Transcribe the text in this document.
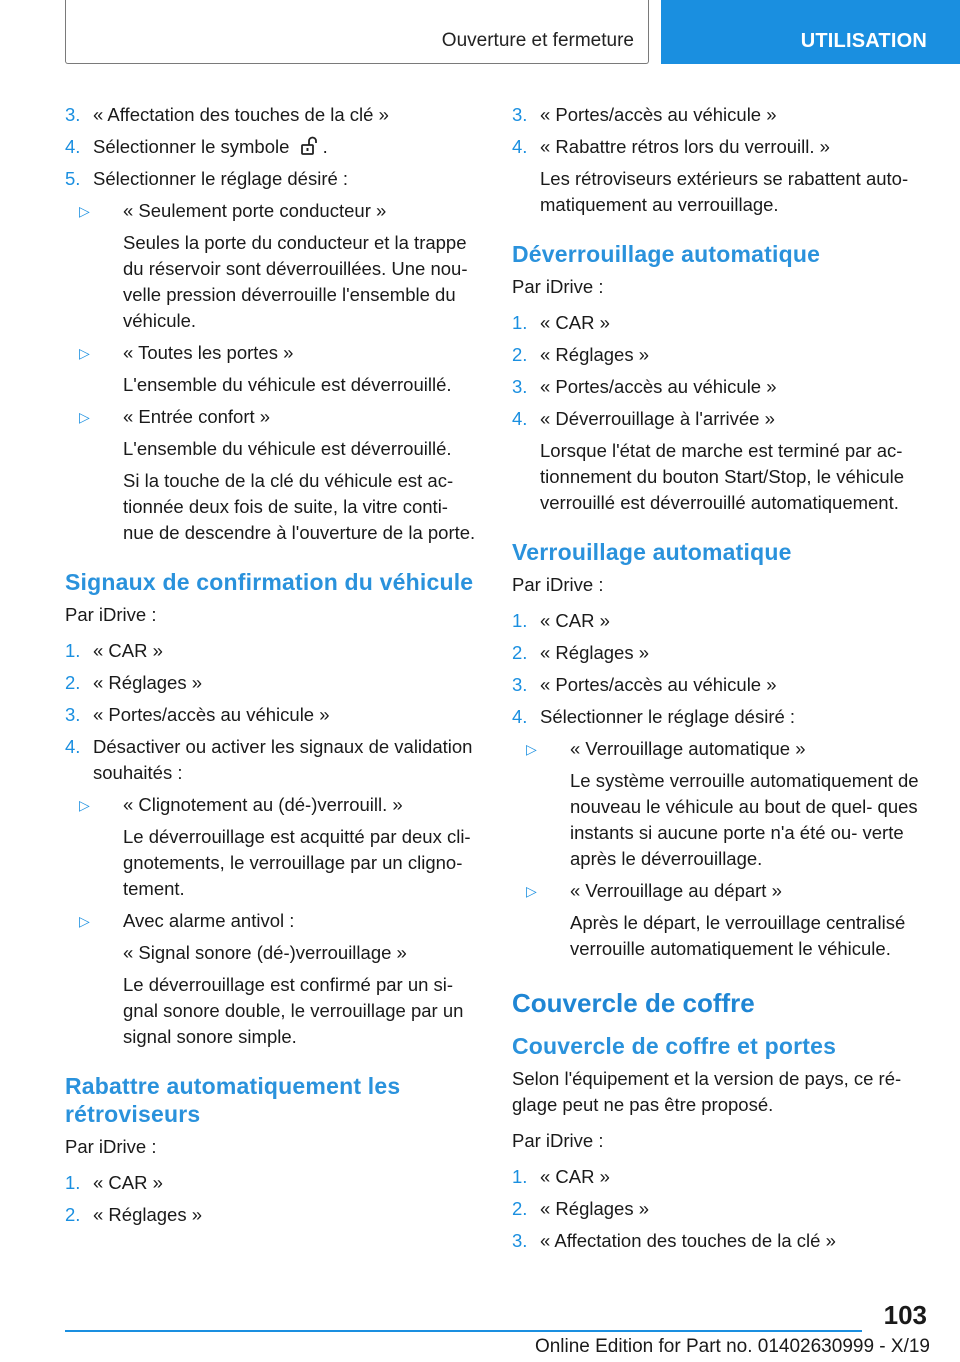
Ouverture et fermeture	UTILISATION
3. « Affectation des touches de la clé »
4. Sélectionner le symbole .
5. Sélectionner le réglage désiré :
▷ « Seulement porte conducteur »
Seules la porte du conducteur et la trappe du réservoir sont déverrouillées. Une nou- velle pression déverrouille l'ensemble du véhicule.
▷ « Toutes les portes »
L'ensemble du véhicule est déverrouillé.
▷ « Entrée confort »
L'ensemble du véhicule est déverrouillé.
Si la touche de la clé du véhicule est ac- tionnée deux fois de suite, la vitre conti- nue de descendre à l'ouverture de la porte.
Signaux de confirmation du véhicule
Par iDrive :
1. « CAR »
2. « Réglages »
3. « Portes/accès au véhicule »
4. Désactiver ou activer les signaux de validation souhaités :
▷ « Clignotement au (dé-)verrouill. »
Le déverrouillage est acquitté par deux cli- gnotements, le verrouillage par un cligno- tement.
▷ Avec alarme antivol :
« Signal sonore (dé-)verrouillage »
Le déverrouillage est confirmé par un si- gnal sonore double, le verrouillage par un signal sonore simple.
Rabattre automatiquement les rétroviseurs
Par iDrive :
1. « CAR »
2. « Réglages »
3. « Portes/accès au véhicule »
4. « Rabattre rétros lors du verrouill. »
Les rétroviseurs extérieurs se rabattent auto- matiquement au verrouillage.
Déverrouillage automatique
Par iDrive :
1. « CAR »
2. « Réglages »
3. « Portes/accès au véhicule »
4. « Déverrouillage à l'arrivée »
Lorsque l'état de marche est terminé par ac- tionnement du bouton Start/Stop, le véhicule verrouillé est déverrouillé automatiquement.
Verrouillage automatique
Par iDrive :
1. « CAR »
2. « Réglages »
3. « Portes/accès au véhicule »
4. Sélectionner le réglage désiré :
▷ « Verrouillage automatique »
Le système verrouille automatiquement de nouveau le véhicule au bout de quel- ques instants si aucune porte n'a été ou- verte après le déverrouillage.
▷ « Verrouillage au départ »
Après le départ, le verrouillage centralisé verrouille automatiquement le véhicule.
Couvercle de coffre
Couvercle de coffre et portes
Selon l'équipement et la version de pays, ce ré- glage peut ne pas être proposé.
Par iDrive :
1. « CAR »
2. « Réglages »
3. « Affectation des touches de la clé »
103
Online Edition for Part no. 01402630999 - X/19
